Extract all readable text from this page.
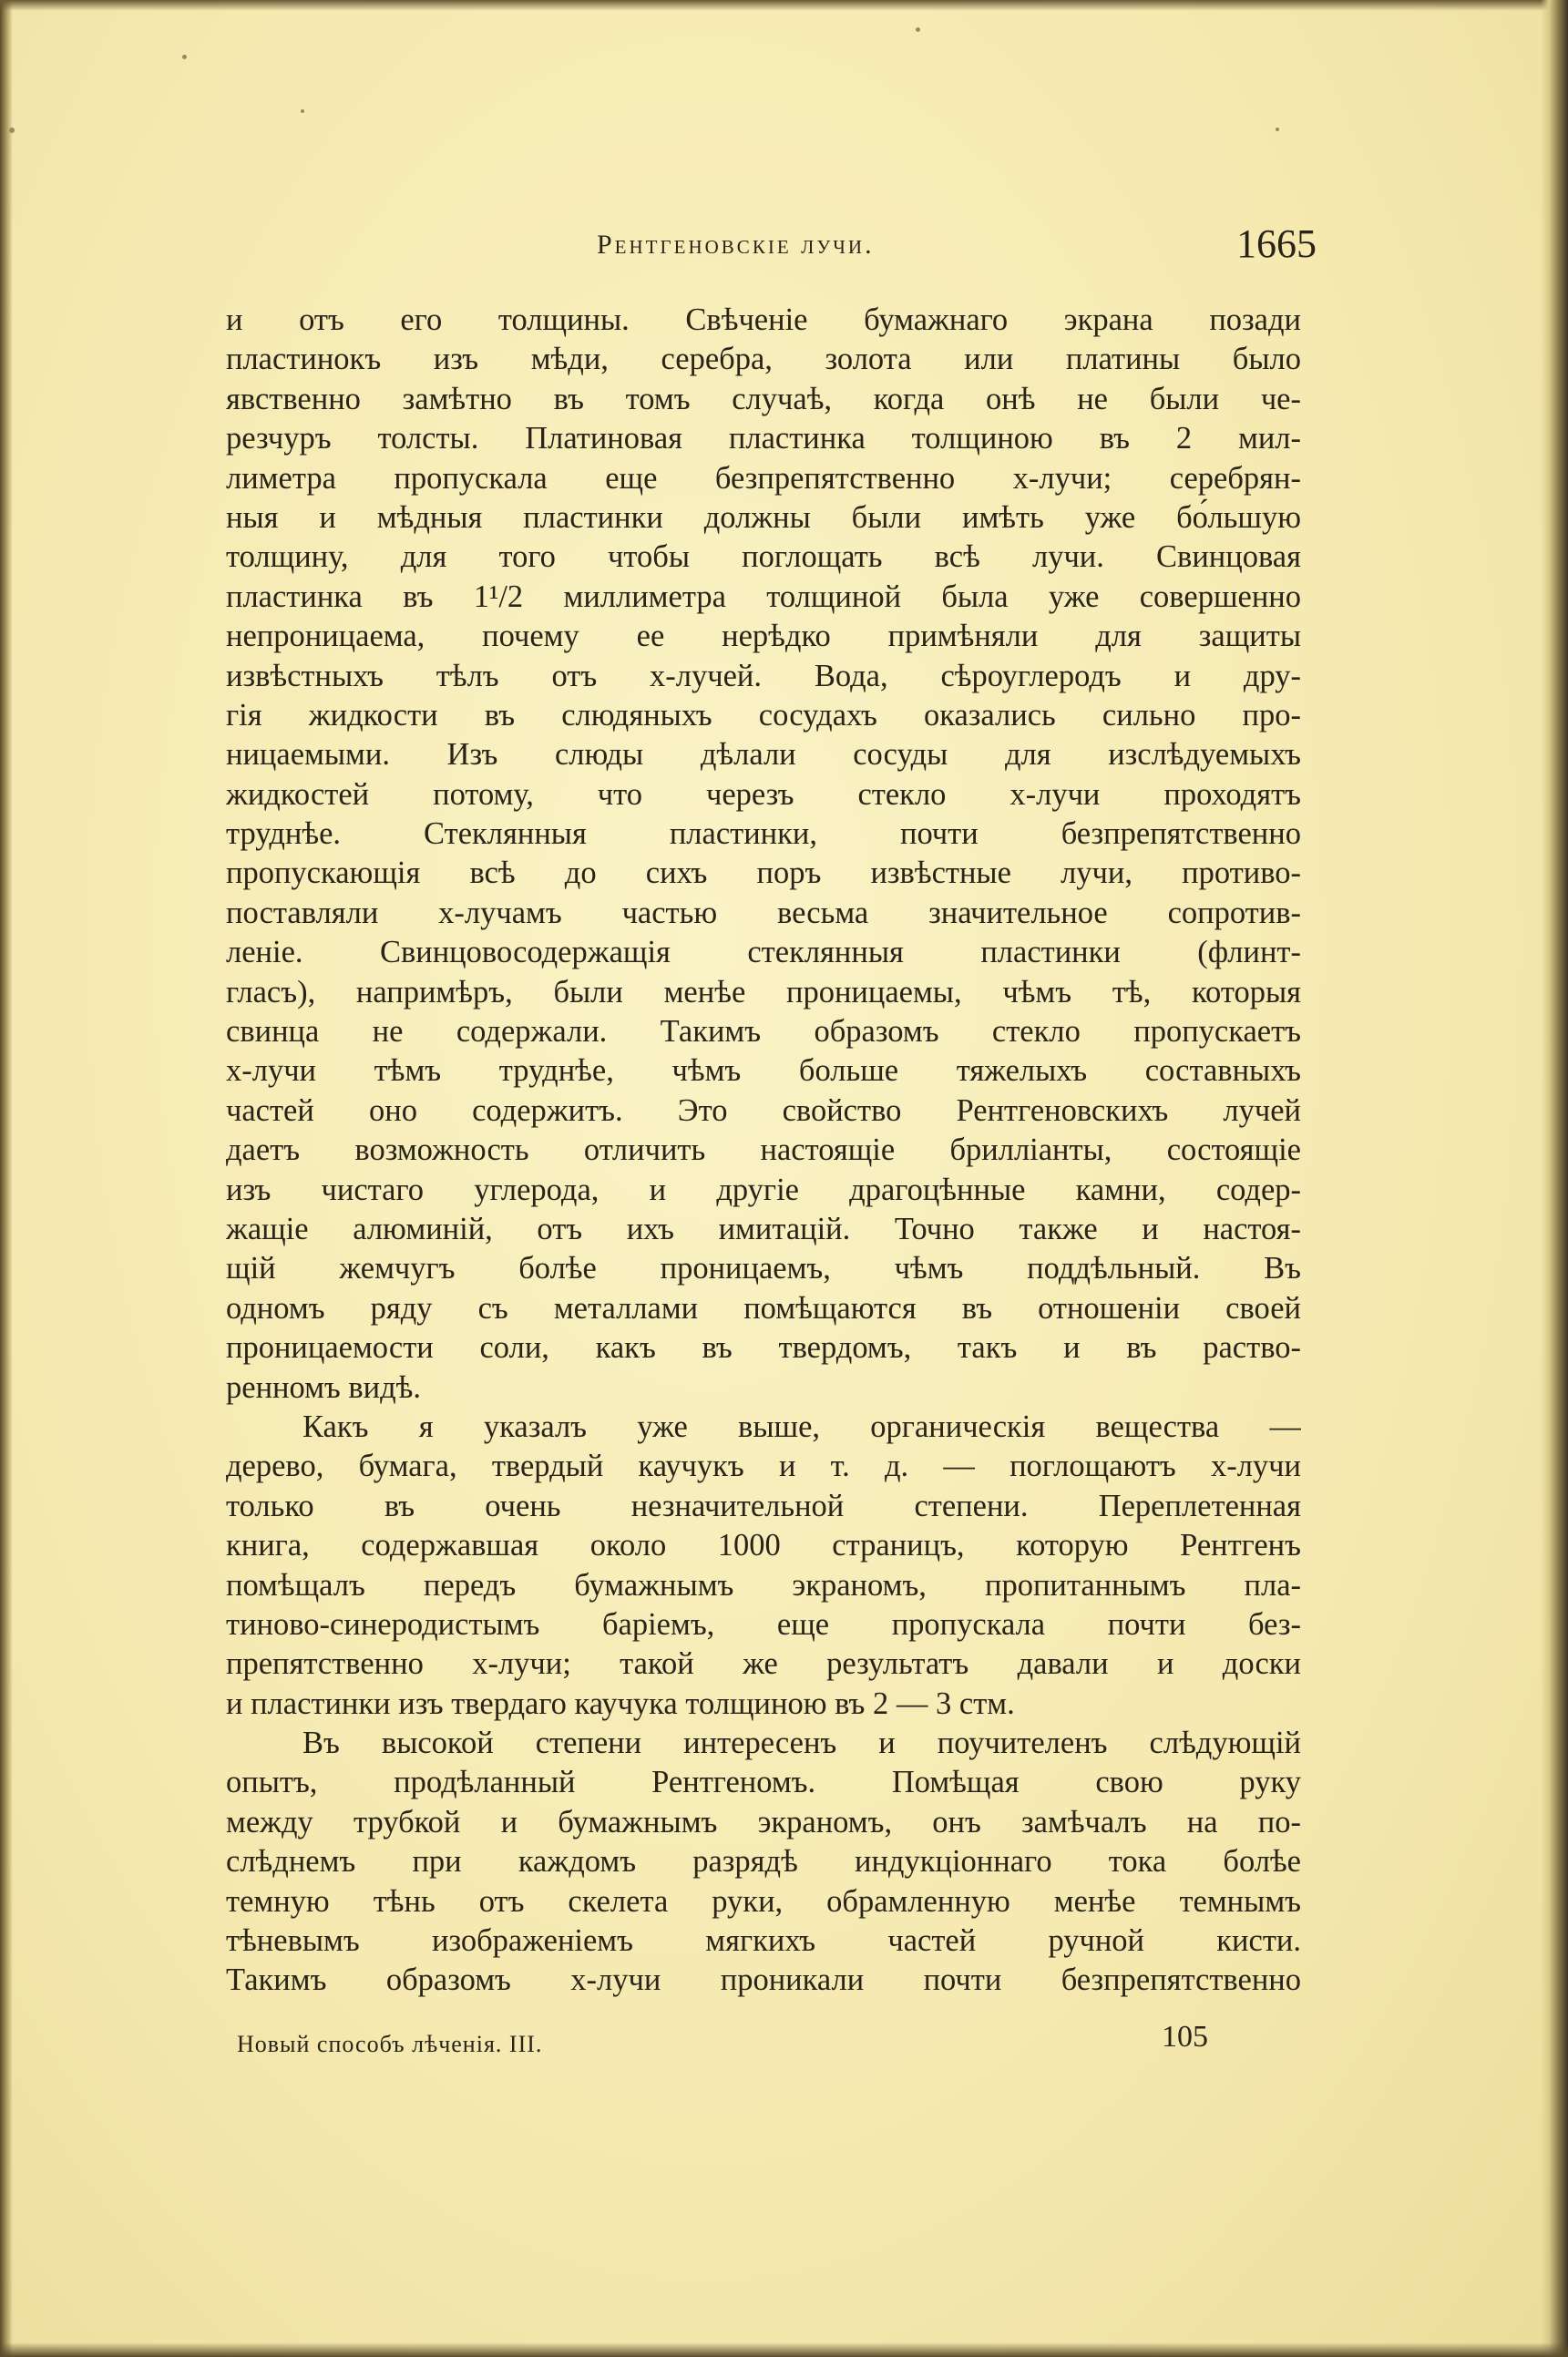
Рентгеновскіе лучи.	1665
и отъ его толщины. Свѣченіе бумажнаго экрана позади
пластинокъ изъ мѣди, серебра, золота или платины было
явственно замѣтно въ томъ случаѣ, когда онѣ не были че-
резчуръ толсты. Платиновая пластинка толщиною въ 2 мил-
лиметра пропускала еще безпрепятственно х-лучи; серебрян-
ныя и мѣдныя пластинки должны были имѣть уже бо́льшую
толщину, для того чтобы поглощать всѣ лучи. Свинцовая
пластинка въ 1¹/2 миллиметра толщиной была уже совершенно
непроницаема, почему ее нерѣдко примѣняли для защиты
извѣстныхъ тѣлъ отъ х-лучей. Вода, сѣроуглеродъ и дру-
гія жидкости въ слюдяныхъ сосудахъ оказались сильно про-
ницаемыми. Изъ слюды дѣлали сосуды для изслѣдуемыхъ
жидкостей потому, что черезъ стекло х-лучи проходятъ
труднѣе. Стеклянныя пластинки, почти безпрепятственно
пропускающія всѣ до сихъ поръ извѣстные лучи, противо-
поставляли х-лучамъ частью весьма значительное сопротив-
леніе. Свинцовосодержащія стеклянныя пластинки (флинт-
гласъ), напримѣръ, были менѣе проницаемы, чѣмъ тѣ, которыя
свинца не содержали. Такимъ образомъ стекло пропускаетъ
х-лучи тѣмъ труднѣе, чѣмъ больше тяжелыхъ составныхъ
частей оно содержитъ. Это свойство Рентгеновскихъ лучей
даетъ возможность отличить настоящіе брилліанты, состоящіе
изъ чистаго углерода, и другіе драгоцѣнные камни, содер-
жащіе алюминій, отъ ихъ имитацій. Точно также и настоя-
щій жемчугъ болѣе проницаемъ, чѣмъ поддѣльный. Въ
одномъ ряду съ металлами помѣщаются въ отношеніи своей
проницаемости соли, какъ въ твердомъ, такъ и въ раство-
ренномъ видѣ.
Какъ я указалъ уже выше, органическія вещества —
дерево, бумага, твердый каучукъ и т. д. — поглощаютъ х-лучи
только въ очень незначительной степени. Переплетенная
книга, содержавшая около 1000 страницъ, которую Рентгенъ
помѣщалъ передъ бумажнымъ экраномъ, пропитаннымъ пла-
тиново-синеродистымъ баріемъ, еще пропускала почти без-
препятственно х-лучи; такой же результатъ давали и доски
и пластинки изъ твердаго каучука толщиною въ 2 — 3 стм.
Въ высокой степени интересенъ и поучителенъ слѣдующій
опытъ, продѣланный Рентгеномъ. Помѣщая свою руку
между трубкой и бумажнымъ экраномъ, онъ замѣчалъ на по-
слѣднемъ при каждомъ разрядѣ индукціоннаго тока болѣе
темную тѣнь отъ скелета руки, обрамленную менѣе темнымъ
тѣневымъ изображеніемъ мягкихъ частей ручной кисти.
Такимъ образомъ х-лучи проникали почти безпрепятственно
Новый способъ лѣченія. III.	105
